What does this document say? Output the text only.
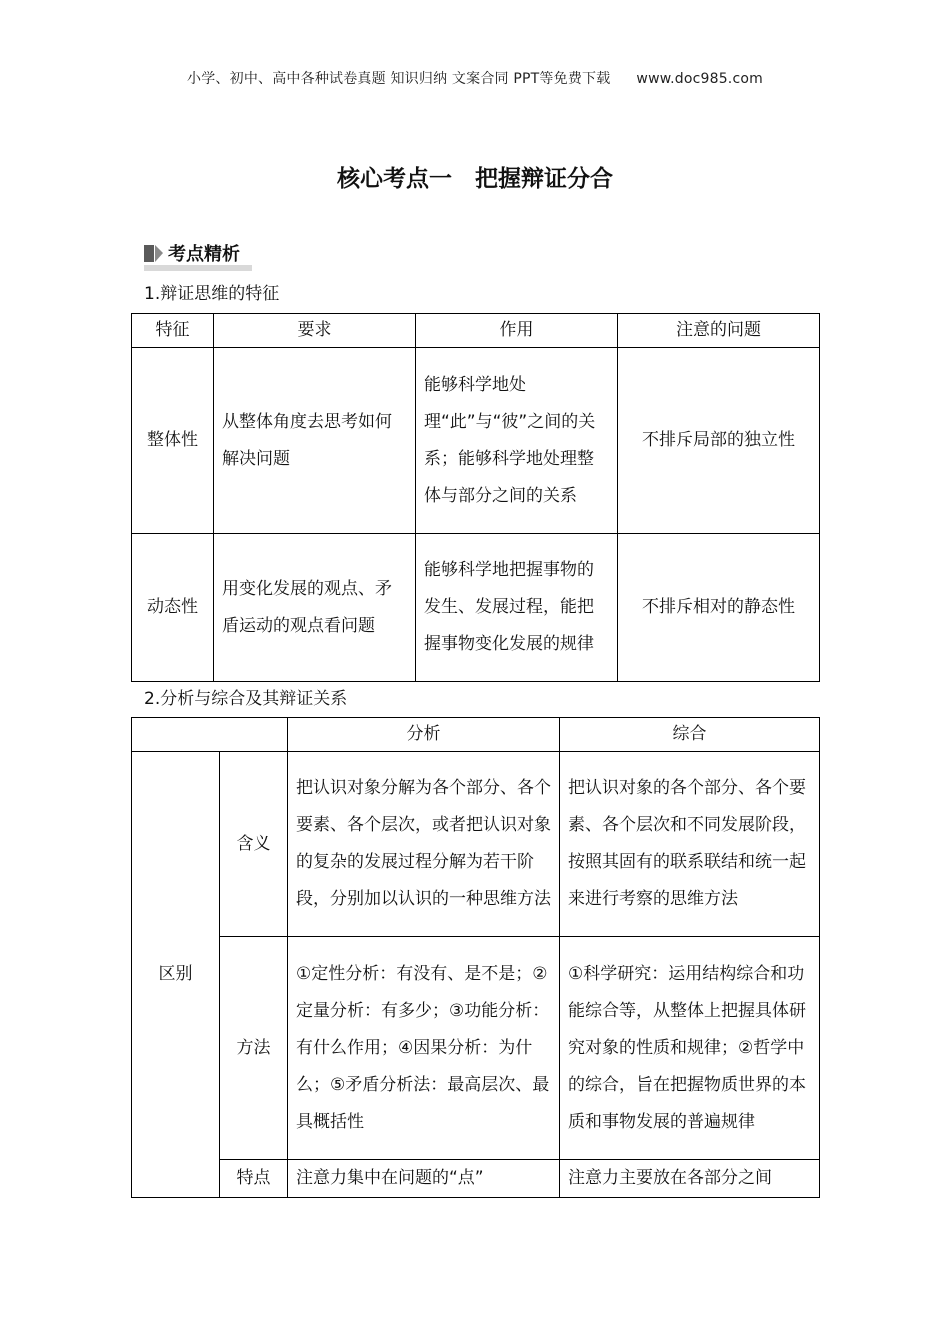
小学、初中、高中各种试卷真题 知识归纳 文案合同 PPT等免费下载 www.doc985.com
核心考点一　把握辩证分合
考点精析
1.辩证思维的特征
特征	要求	作用	注意的问题
整体性	从整体角度去思考如何解决问题	能够科学地处理“此”与“彼”之间的关系；能够科学地处理整体与部分之间的关系	不排斥局部的独立性
动态性	用变化发展的观点、矛盾运动的观点看问题	能够科学地把握事物的发生、发展过程，能把握事物变化发展的规律	不排斥相对的静态性
2.分析与综合及其辩证关系
		分析	综合
区别	含义	把认识对象分解为各个部分、各个要素、各个层次，或者把认识对象的复杂的发展过程分解为若干阶段，分别加以认识的一种思维方法	把认识对象的各个部分、各个要素、各个层次和不同发展阶段，按照其固有的联系联结和统一起来进行考察的思维方法
	方法	①定性分析：有没有、是不是；②定量分析：有多少；③功能分析：有什么作用；④因果分析：为什么；⑤矛盾分析法：最高层次、最具概括性	①科学研究：运用结构综合和功能综合等，从整体上把握具体研究对象的性质和规律；②哲学中的综合，旨在把握物质世界的本质和事物发展的普遍规律
	特点	注意力集中在问题的“点”	注意力主要放在各部分之间
